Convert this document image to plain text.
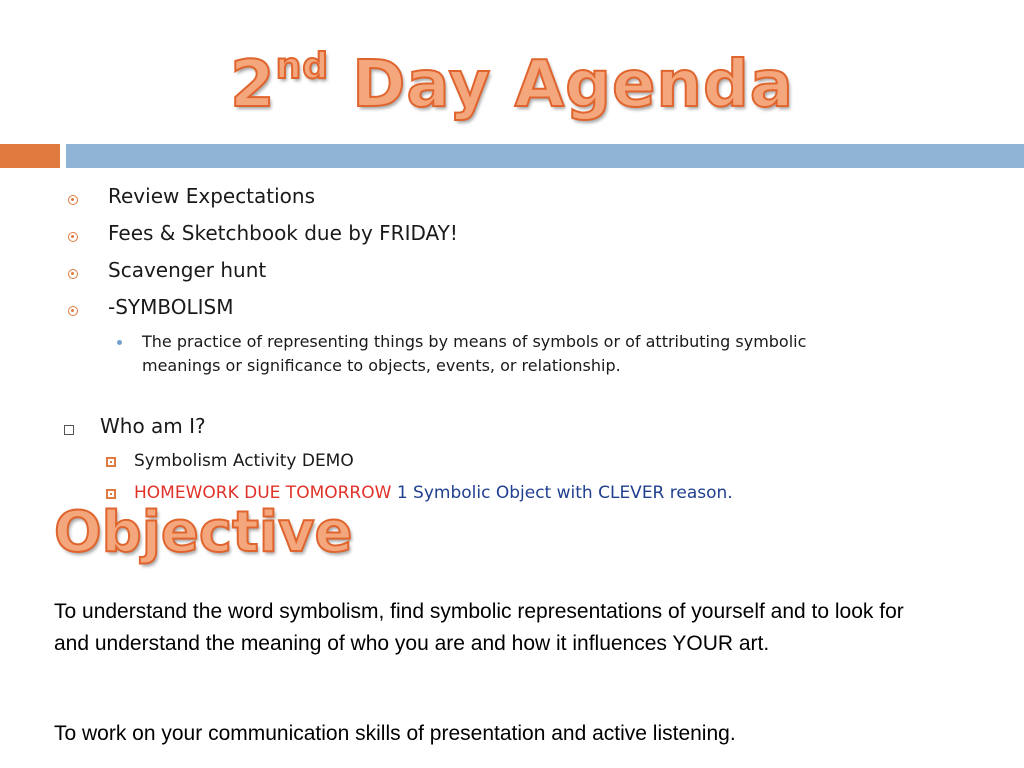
2nd Day Agenda
Review Expectations
Fees & Sketchbook due by FRIDAY!
Scavenger hunt
-SYMBOLISM
The practice of representing things by means of symbols or of attributing symbolic meanings or significance to objects, events, or relationship.
Who am I?
Symbolism Activity DEMO
HOMEWORK DUE TOMORROW 1 Symbolic Object with CLEVER reason.
Objective
To understand the word symbolism, find symbolic representations of yourself and to look for and understand the meaning of who you are and how it influences YOUR art.
To work on your communication skills of presentation and active listening.
